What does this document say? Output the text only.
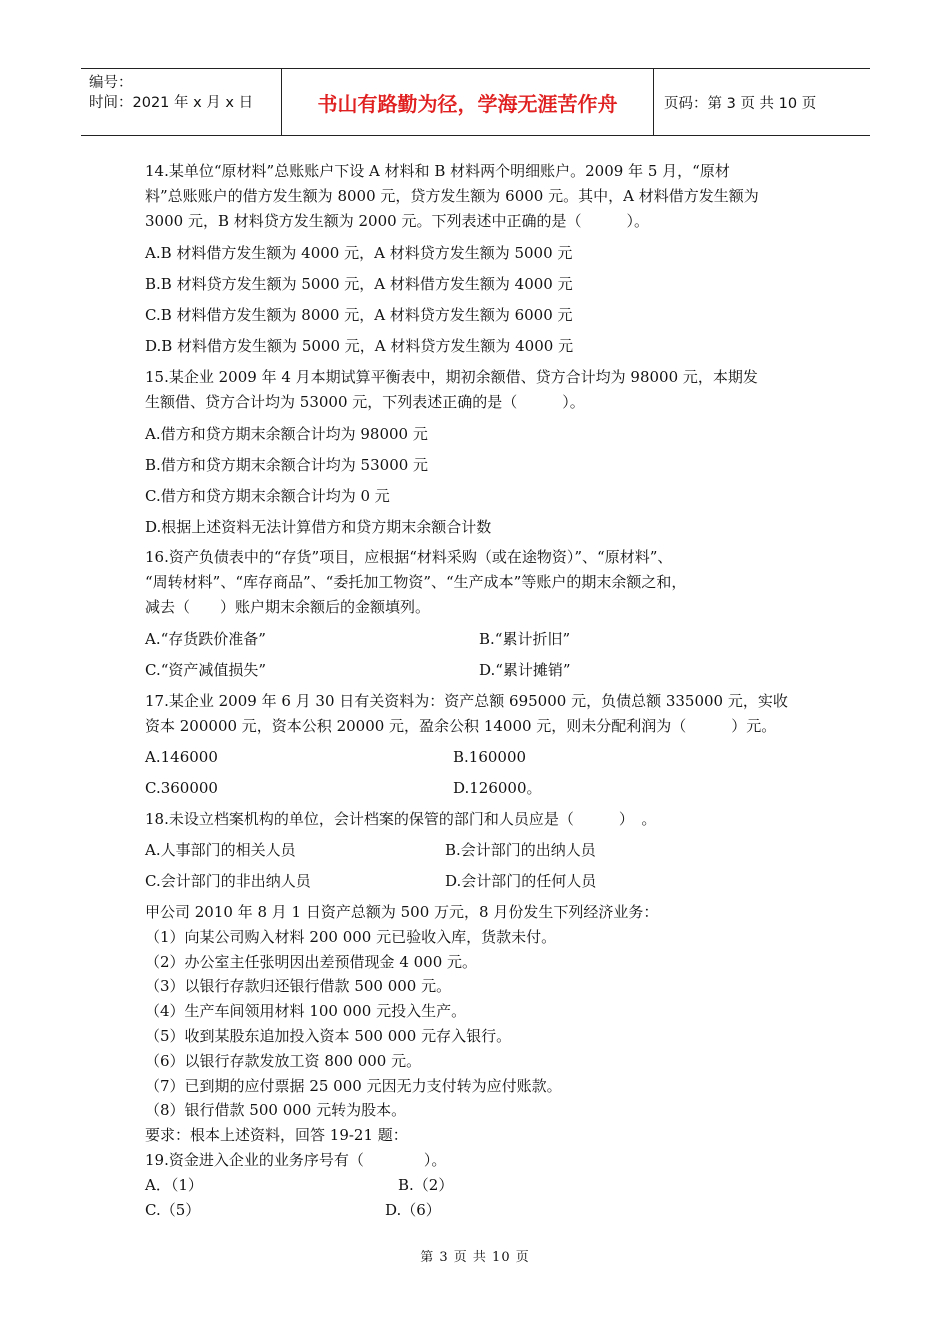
编号：
时间：2021 年 x 月 x 日	书山有路勤为径，学海无涯苦作舟	页码：第 3 页 共 10 页
14.某单位“原材料”总账账户下设 A 材料和 B 材料两个明细账户。2009 年 5 月，“原材
料”总账账户的借方发生额为 8000 元，贷方发生额为 6000 元。其中，A 材料借方发生额为
3000 元，B 材料贷方发生额为 2000 元。下列表述中正确的是（　　　）。
A.B 材料借方发生额为 4000 元，A 材料贷方发生额为 5000 元
B.B 材料贷方发生额为 5000 元，A 材料借方发生额为 4000 元
C.B 材料借方发生额为 8000 元，A 材料贷方发生额为 6000 元
D.B 材料借方发生额为 5000 元，A 材料贷方发生额为 4000 元
15.某企业 2009 年 4 月本期试算平衡表中，期初余额借、贷方合计均为 98000 元，本期发
生额借、贷方合计均为 53000 元，下列表述正确的是（　　　）。
A.借方和贷方期末余额合计均为 98000 元
B.借方和贷方期末余额合计均为 53000 元
C.借方和贷方期末余额合计均为 0 元
D.根据上述资料无法计算借方和贷方期末余额合计数
16.资产负债表中的“存货”项目，应根据“材料采购（或在途物资）”、“原材料”、
“周转材料”、“库存商品”、“委托加工物资”、“生产成本”等账户的期末余额之和，
减去（　　）账户期末余额后的金额填列。
A.“存货跌价准备”	B.“累计折旧”
C.“资产减值损失”	D.“累计摊销”
17.某企业 2009 年 6 月 30 日有关资料为：资产总额 695000 元，负债总额 335000 元，实收
资本 200000 元，资本公积 20000 元，盈余公积 14000 元，则未分配利润为（　　　）元。
A.146000	B.160000
C.360000	D.126000。
18.未设立档案机构的单位，会计档案的保管的部门和人员应是（　　　）　。
A.人事部门的相关人员	B.会计部门的出纳人员
C.会计部门的非出纳人员	D.会计部门的任何人员
甲公司 2010 年 8 月 1 日资产总额为 500 万元，8 月份发生下列经济业务：
（1）向某公司购入材料 200 000 元已验收入库，货款未付。
（2）办公室主任张明因出差预借现金 4 000 元。
（3）以银行存款归还银行借款 500 000 元。
（4）生产车间领用材料 100 000 元投入生产。
（5）收到某股东追加投入资本 500 000 元存入银行。
（6）以银行存款发放工资 800 000 元。
（7）已到期的应付票据 25 000 元因无力支付转为应付账款。
（8）银行借款 500 000 元转为股本。
要求：根本上述资料，回答 19-21 题：
19.资金进入企业的业务序号有（　　　　）。
A．（1）	B.（2）
C.（5）	D.（6）
第 3 页 共 10 页
